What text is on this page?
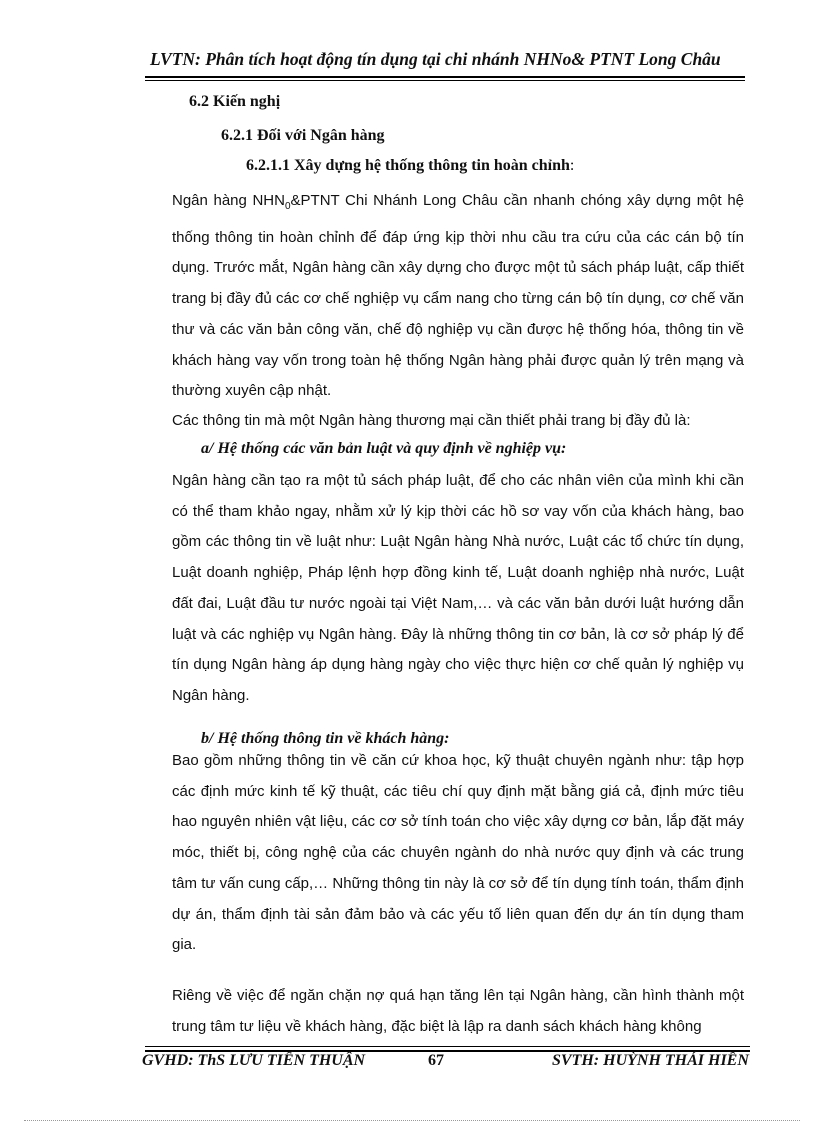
LVTN: Phân tích hoạt động tín dụng tại chi nhánh NHNo& PTNT Long Châu
6.2 Kiến nghị
6.2.1 Đối với Ngân hàng
6.2.1.1 Xây dựng hệ thống thông tin hoàn chỉnh:
Ngân hàng $NHN_0\&PTNT$ Chi Nhánh Long Châu cần nhanh chóng xây dựng một hệ thống thông tin hoàn chỉnh để đáp ứng kịp thời nhu cầu tra cứu của các cán bộ tín dụng. Trước mắt, Ngân hàng cần xây dựng cho được một tủ sách pháp luật, cấp thiết trang bị đầy đủ các cơ chế nghiệp vụ cẩm nang cho từng cán bộ tín dụng, cơ chế văn thư và các văn bản công văn, chế độ nghiệp vụ cần được hệ thống hóa, thông tin về khách hàng vay vốn trong toàn hệ thống Ngân hàng phải được quản lý trên mạng và thường xuyên cập nhật.
Các thông tin mà một Ngân hàng thương mại cần thiết phải trang bị đầy đủ là:
a/ Hệ thống các văn bản luật và quy định về nghiệp vụ:
Ngân hàng cần tạo ra một tủ sách pháp luật, để cho các nhân viên của mình khi cần có thể tham khảo ngay, nhằm xử lý kịp thời các hồ sơ vay vốn của khách hàng, bao gồm các thông tin về luật như: Luật Ngân hàng Nhà nước, Luật các tổ chức tín dụng, Luật doanh nghiệp, Pháp lệnh hợp đồng kinh tế, Luật doanh nghiệp nhà nước, Luật đất đai, Luật đầu tư nước ngoài tại Việt Nam,… và các văn bản dưới luật hướng dẫn luật và các nghiệp vụ Ngân hàng. Đây là những thông tin cơ bản, là cơ sở pháp lý để tín dụng Ngân hàng áp dụng hàng ngày cho việc thực hiện cơ chế quản lý nghiệp vụ Ngân hàng.
b/ Hệ thống thông tin về khách hàng:
Bao gồm những thông tin về căn cứ khoa học, kỹ thuật chuyên ngành như: tập hợp các định mức kinh tế kỹ thuật, các tiêu chí quy định mặt bằng giá cả, định mức tiêu hao nguyên nhiên vật liệu, các cơ sở tính toán cho việc xây dựng cơ bản, lắp đặt máy móc, thiết bị, công nghệ của các chuyên ngành do nhà nước quy định và các trung tâm tư vấn cung cấp,… Những thông tin này là cơ sở để tín dụng tính toán, thẩm định dự án, thẩm định tài sản đảm bảo và các yếu tố liên quan đến dự án tín dụng tham gia.
Riêng về việc để ngăn chặn nợ quá hạn tăng lên tại Ngân hàng, cần hình thành một trung tâm tư liệu về khách hàng, đặc biệt là lập ra danh sách khách hàng không
GVHD: ThS LƯU TIẾN THUẬN	67	SVTH: HUỲNH THÁI HIỀN
